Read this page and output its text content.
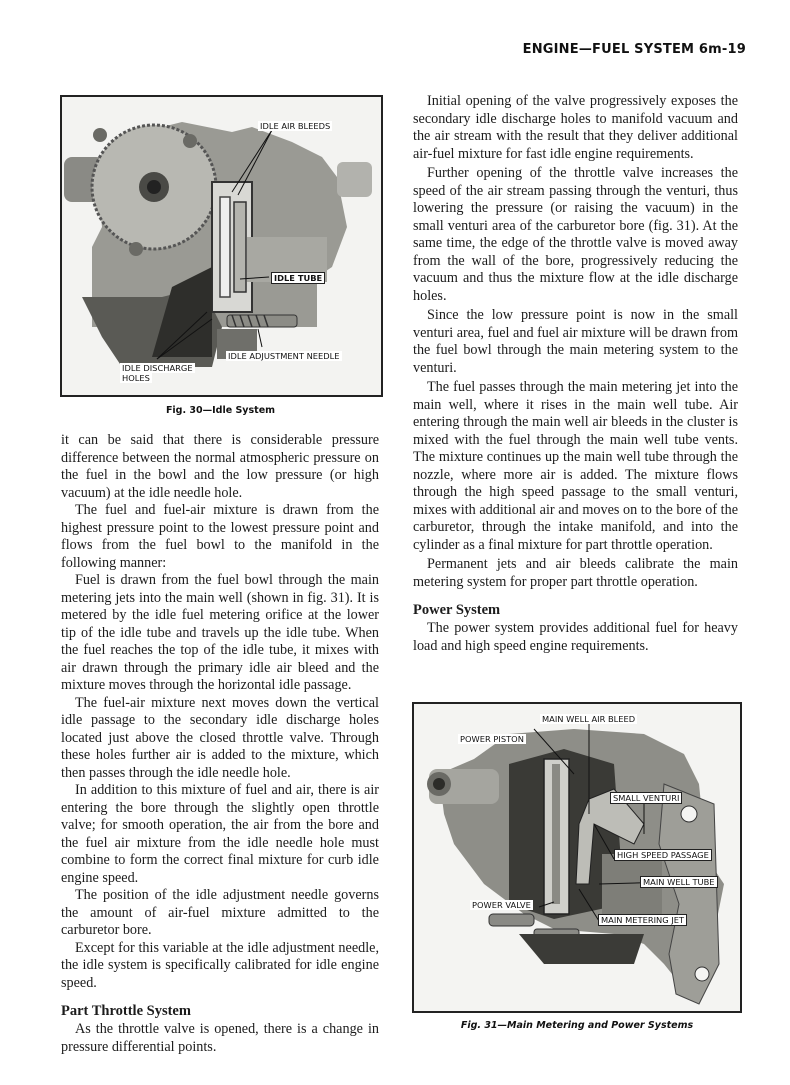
ENGINE—FUEL SYSTEM 6m-19
IDLE AIR BLEEDS
IDLE TUBE
IDLE ADJUSTMENT NEEDLE
IDLE DISCHARGE
HOLES
Fig. 30—Idle System

it can be said that there is considerable pressure difference between the normal atmospheric pressure on the fuel in the bowl and the low pressure (or high vacuum) at the idle needle hole.

The fuel and fuel-air mixture is drawn from the highest pressure point to the lowest pressure point and flows from the fuel bowl to the manifold in the following manner:

Fuel is drawn from the fuel bowl through the main metering jets into the main well (shown in fig. 31). It is metered by the idle fuel metering orifice at the lower tip of the idle tube and travels up the idle tube. When the fuel reaches the top of the idle tube, it mixes with air drawn through the primary idle air bleed and the mixture moves through the horizontal idle passage.

The fuel-air mixture next moves down the vertical idle passage to the secondary idle discharge holes located just above the closed throttle valve. Through these holes further air is added to the mixture, which then passes through the idle needle hole.

In addition to this mixture of fuel and air, there is air entering the bore through the slightly open throttle valve; for smooth operation, the air from the bore and the fuel air mixture from the idle needle hole must combine to form the correct final mixture for curb idle engine speed.

The position of the idle adjustment needle governs the amount of air-fuel mixture admitted to the carburetor bore.

Except for this variable at the idle adjustment needle, the idle system is specifically calibrated for idle engine speed.

Part Throttle System

As the throttle valve is opened, there is a change in pressure differential points.

Initial opening of the valve progressively exposes the secondary idle discharge holes to manifold vacuum and the air stream with the result that they deliver additional air-fuel mixture for fast idle engine requirements.

Further opening of the throttle valve increases the speed of the air stream passing through the venturi, thus lowering the pressure (or raising the vacuum) in the small venturi area of the carburetor bore (fig. 31). At the same time, the edge of the throttle valve is moved away from the wall of the bore, progressively reducing the vacuum and thus the mixture flow at the idle discharge holes.

Since the low pressure point is now in the small venturi area, fuel and fuel air mixture will be drawn from the fuel bowl through the main metering system to the venturi.

The fuel passes through the main metering jet into the main well, where it rises in the main well tube. Air entering through the main well air bleeds in the cluster is mixed with the fuel through the main well tube vents. The mixture continues up the main well tube through the nozzle, where more air is added. The mixture flows through the high speed passage to the small venturi, mixes with additional air and moves on to the bore of the carburetor, through the intake manifold, and into the cylinder as a final mixture for part throttle operation.

Permanent jets and air bleeds calibrate the main metering system for proper part throttle operation.

Power System

The power system provides additional fuel for heavy load and high speed engine requirements.

MAIN WELL AIR BLEED
POWER PISTON
SMALL VENTURI
HIGH SPEED PASSAGE
MAIN WELL TUBE
POWER VALVE
MAIN METERING JET
Fig. 31—Main Metering and Power Systems
